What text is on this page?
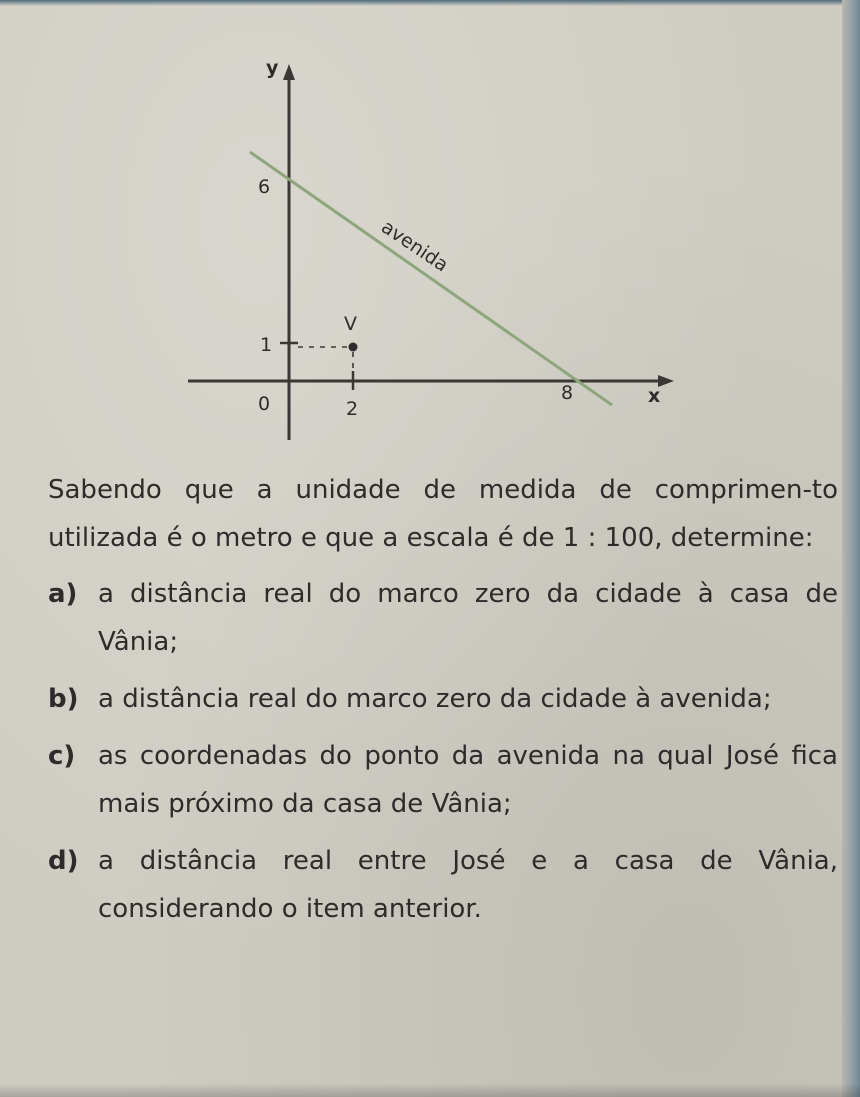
y
x
0	2
8
1
6
avenida
V

Sabendo que a unidade de medida de comprimen-to utilizada é o metro e que a escala é de 1 : 100, determine:

a) a distância real do marco zero da cidade à casa de Vânia;
b) a distância real do marco zero da cidade à avenida;
c) as coordenadas do ponto da avenida na qual José fica mais próximo da casa de Vânia;
d) a distância real entre José e a casa de Vânia, considerando o item anterior.
